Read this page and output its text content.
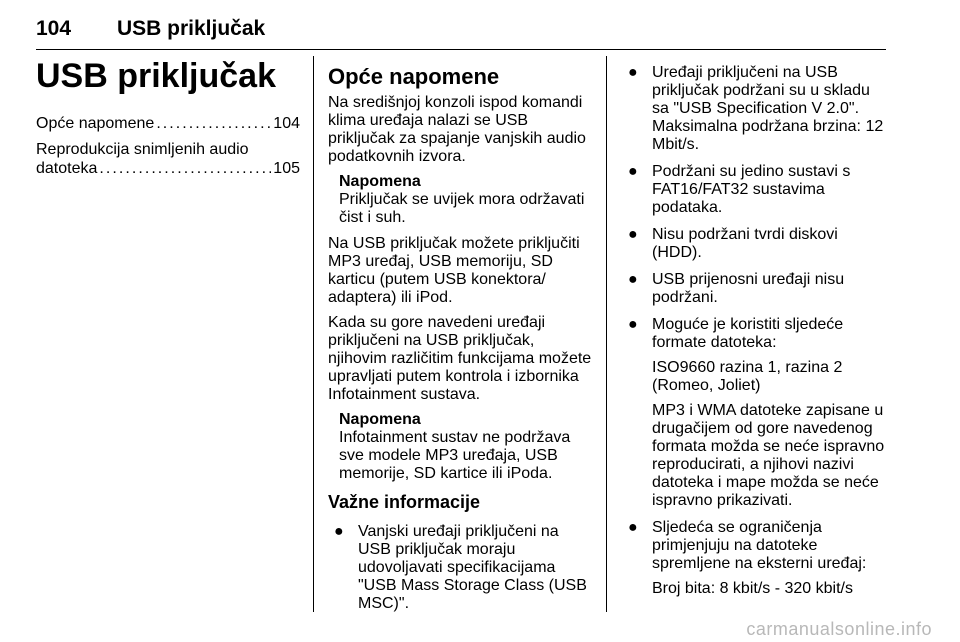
104 USB priključak
USB priključak
Opće napomene . . .	104
Reprodukcija snimljenih audio
datoteka . . .	105
Opće napomene

Na središnjoj konzoli ispod komandi klima uređaja nalazi se USB priključak za spajanje vanjskih audio podatkovnih izvora.

Napomena
Priključak se uvijek mora održavati čist i suh.

Na USB priključak možete priključiti MP3 uređaj, USB memoriju, SD karticu (putem USB konektora/ adaptera) ili iPod.

Kada su gore navedeni uređaji priključeni na USB priključak, njihovim različitim funkcijama možete upravljati putem kontrola i izbornika Infotainment sustava.

Napomena
Infotainment sustav ne podržava sve modele MP3 uređaja, USB memorije, SD kartice ili iPoda.
Važne informacije
● Vanjski uređaji priključeni na USB priključak moraju udovoljavati specifikacijama "USB Mass Storage Class (USB MSC)".
● Uređaji priključeni na USB priključak podržani su u skladu sa "USB Specification V 2.0". Maksimalna podržana brzina: 12 Mbit/s.
● Podržani su jedino sustavi s FAT16/FAT32 sustavima podataka.
● Nisu podržani tvrdi diskovi (HDD).
● USB prijenosni uređaji nisu podržani.
● Moguće je koristiti sljedeće formate datoteka:
ISO9660 razina 1, razina 2 (Romeo, Joliet)
MP3 i WMA datoteke zapisane u drugačijem od gore navedenog formata možda se neće ispravno reproducirati, a njihovi nazivi datoteka i mape možda se neće ispravno prikazivati.
● Sljedeća se ograničenja primjenjuju na datoteke spremljene na eksterni uređaj:
Broj bita: 8 kbit/s - 320 kbit/s
carmanualsonline.info
